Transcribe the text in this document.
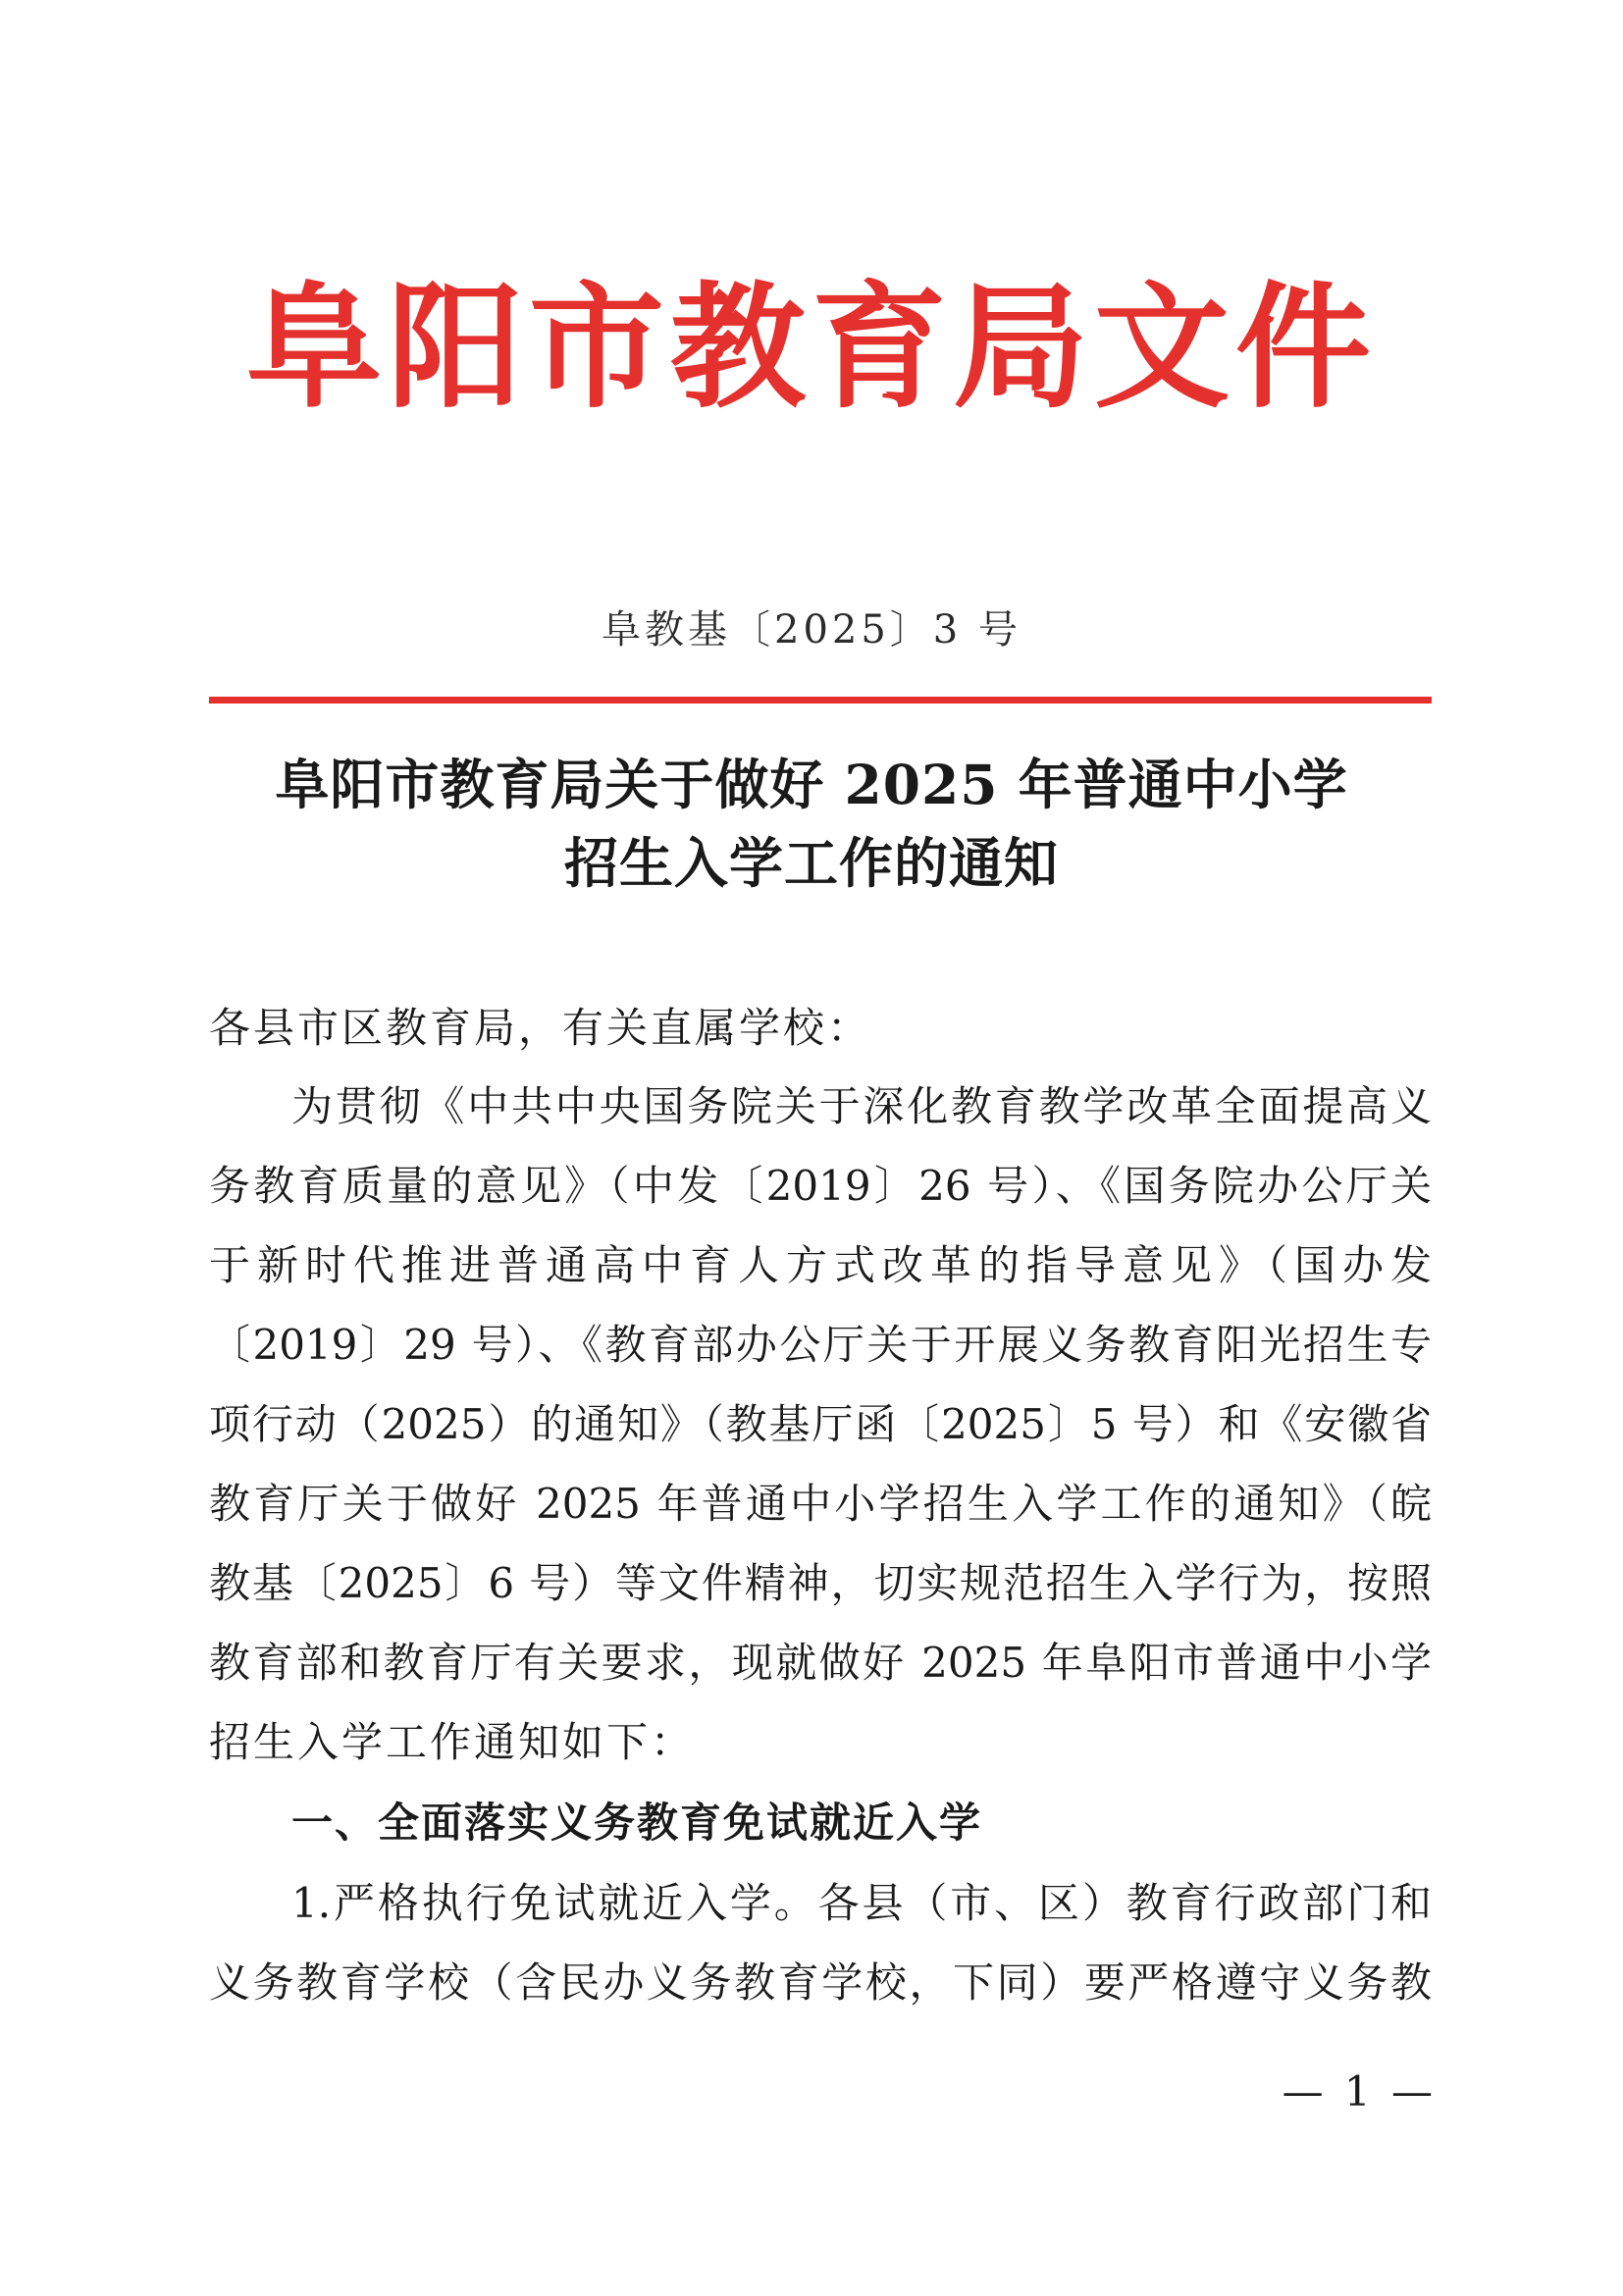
阜阳市教育局文件
阜教基〔2025〕3 号
阜阳市教育局关于做好 2025 年普通中小学
招生入学工作的通知
各县市区教育局，有关直属学校：
为贯彻《中共中央国务院关于深化教育教学改革全面提高义
务教育质量的意见》（中发〔2019〕26 号）、《国务院办公厅关
于新时代推进普通高中育人方式改革的指导意见》（国办发
〔2019〕29 号）、《教育部办公厅关于开展义务教育阳光招生专
项行动（2025）的通知》（教基厅函〔2025〕5 号）和《安徽省
教育厅关于做好 2025 年普通中小学招生入学工作的通知》（皖
教基〔2025〕6 号）等文件精神，切实规范招生入学行为，按照
教育部和教育厅有关要求，现就做好 2025 年阜阳市普通中小学
招生入学工作通知如下：
一、全面落实义务教育免试就近入学
1.严格执行免试就近入学。各县（市、区）教育行政部门和
义务教育学校（含民办义务教育学校，下同）要严格遵守义务教
— 1 —
